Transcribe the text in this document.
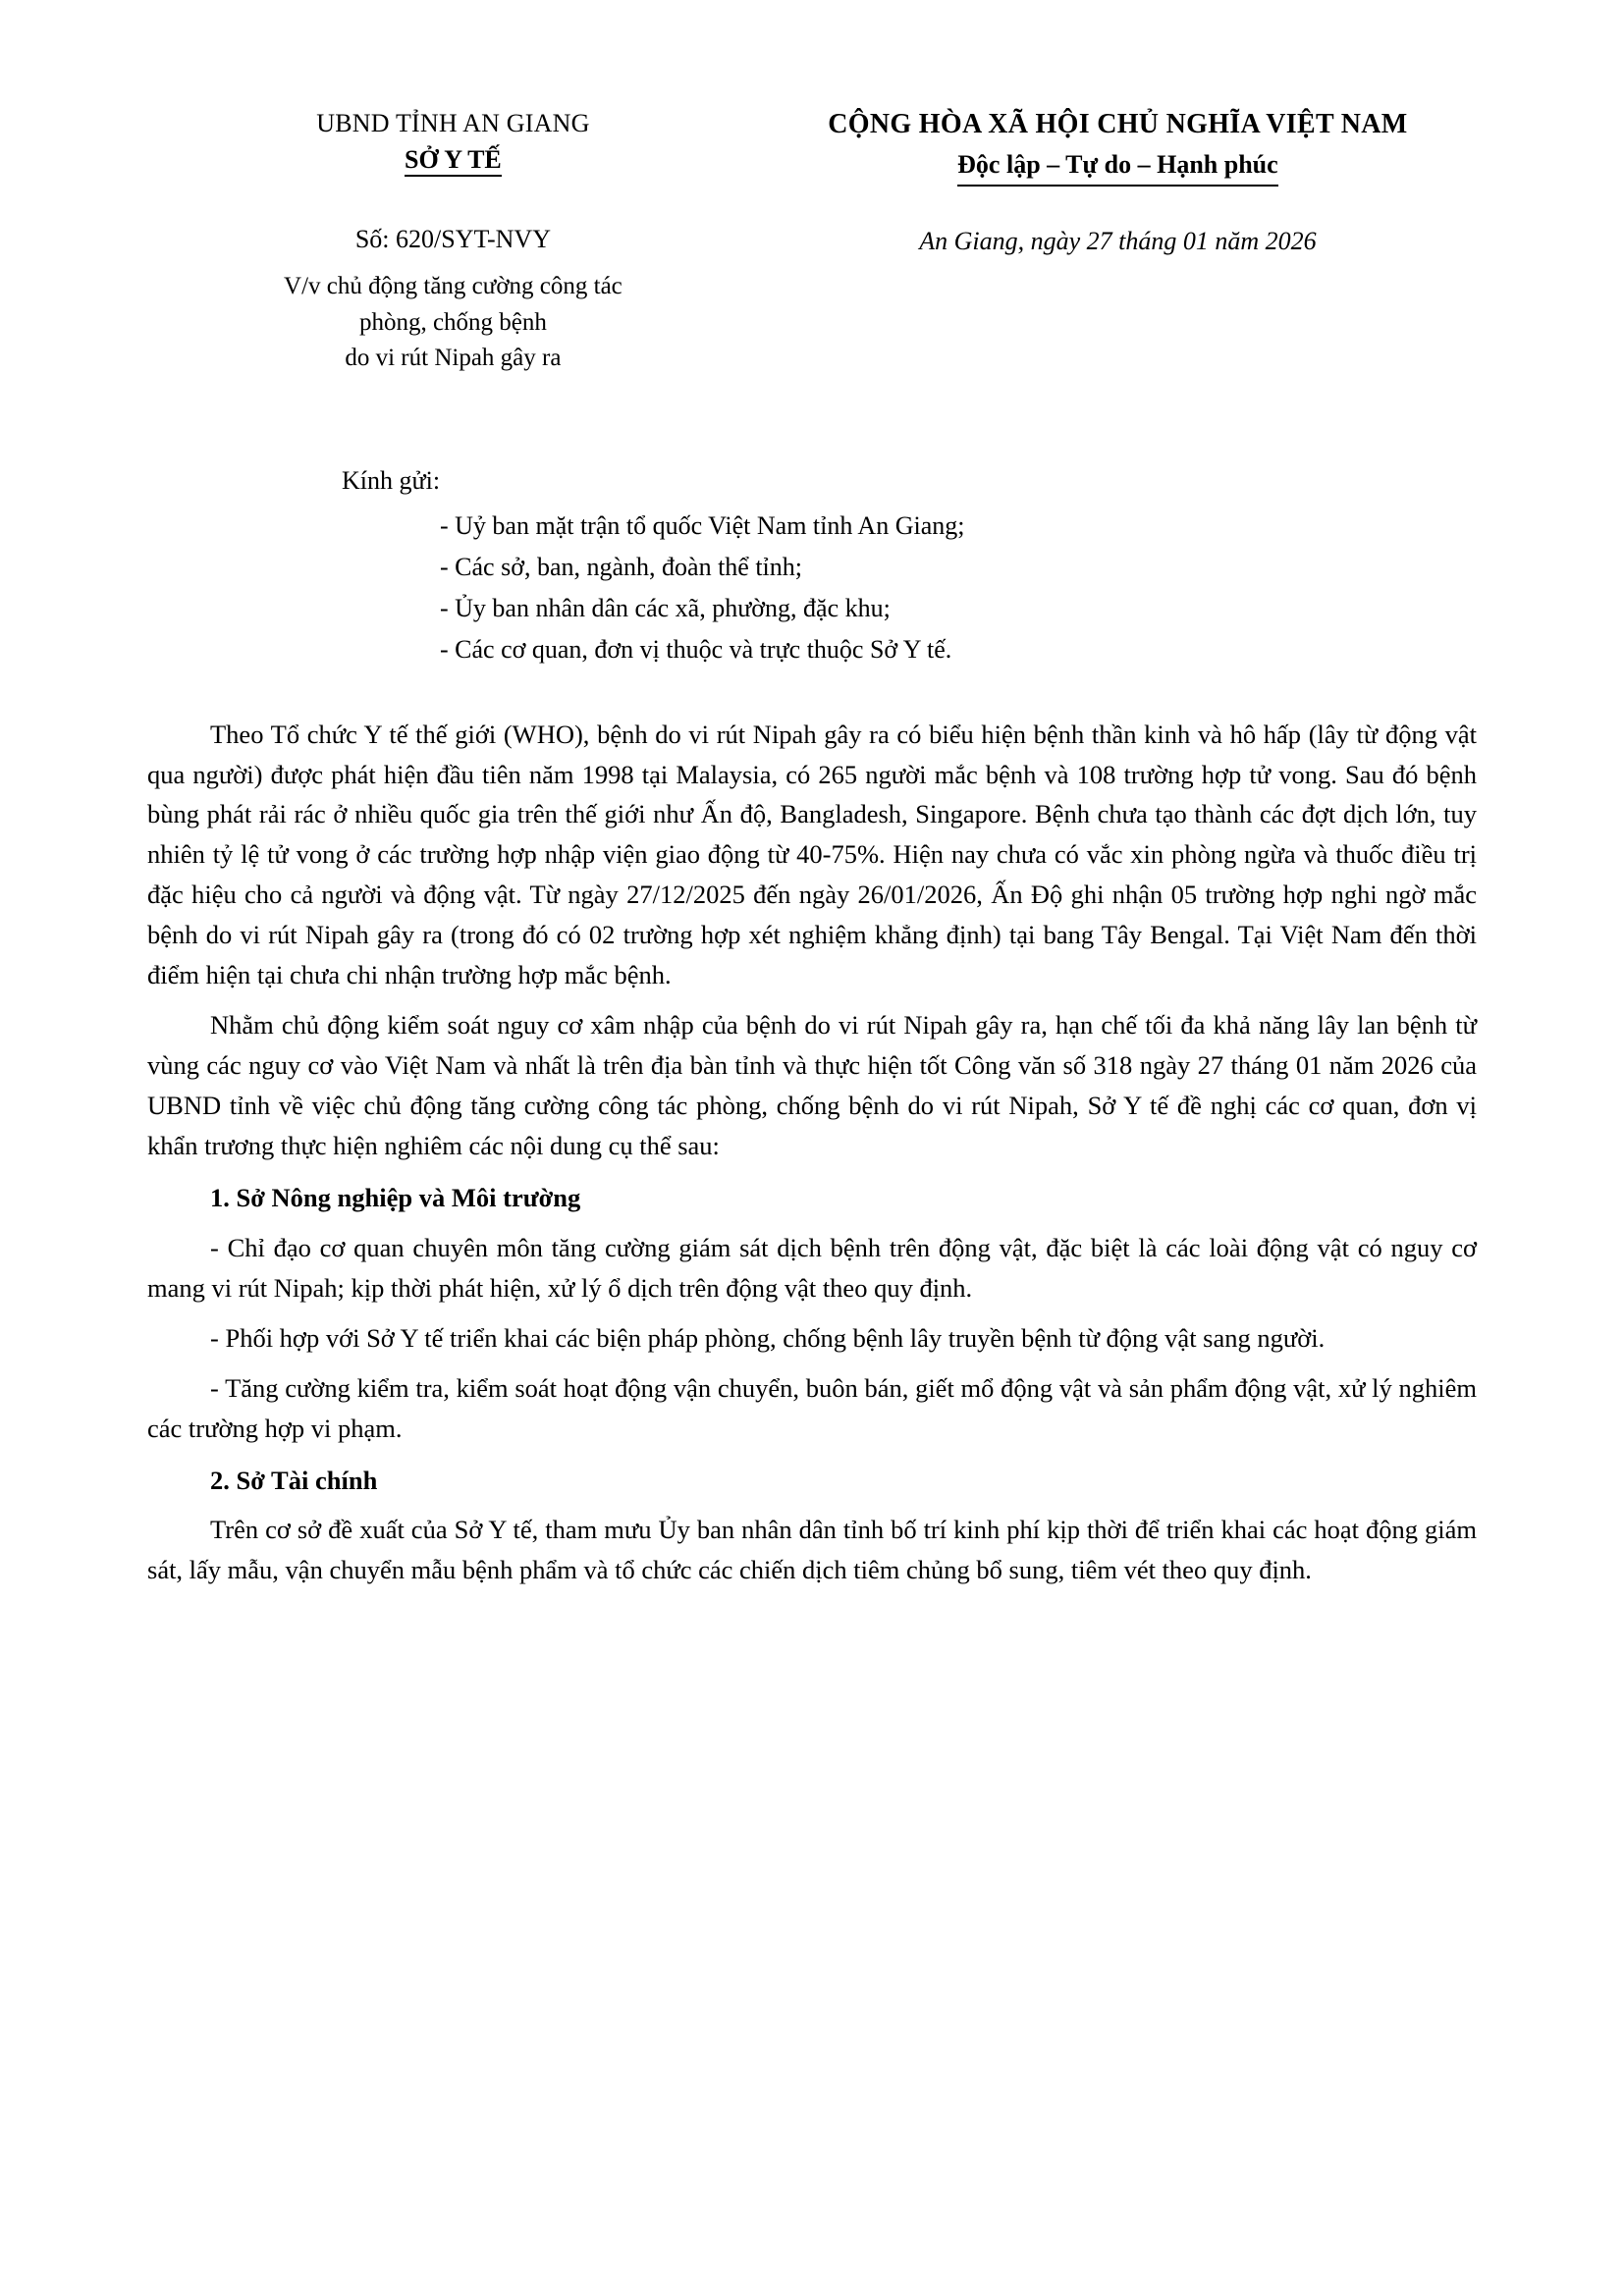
UBND TỈNH AN GIANG
SỞ Y TẾ
CỘNG HÒA XÃ HỘI CHỦ NGHĨA VIỆT NAM
Độc lập – Tự do – Hạnh phúc
Số: 620/SYT-NVY
V/v chủ động tăng cường công tác
phòng, chống bệnh
do vi rút Nipah gây ra
An Giang, ngày 27 tháng 01 năm 2026
Kính gửi:
- Uỷ ban mặt trận tổ quốc Việt Nam tỉnh An Giang;
- Các sở, ban, ngành, đoàn thể tỉnh;
- Ủy ban nhân dân các xã, phường, đặc khu;
- Các cơ quan, đơn vị thuộc và trực thuộc Sở Y tế.

Theo Tổ chức Y tế thế giới (WHO), bệnh do vi rút Nipah gây ra có biểu hiện bệnh thần kinh và hô hấp (lây từ động vật qua người) được phát hiện đầu tiên năm 1998 tại Malaysia, có 265 người mắc bệnh và 108 trường hợp tử vong. Sau đó bệnh bùng phát rải rác ở nhiều quốc gia trên thế giới như Ấn độ, Bangladesh, Singapore. Bệnh chưa tạo thành các đợt dịch lớn, tuy nhiên tỷ lệ tử vong ở các trường hợp nhập viện giao động từ 40-75%. Hiện nay chưa có vắc xin phòng ngừa và thuốc điều trị đặc hiệu cho cả người và động vật. Từ ngày 27/12/2025 đến ngày 26/01/2026, Ấn Độ ghi nhận 05 trường hợp nghi ngờ mắc bệnh do vi rút Nipah gây ra (trong đó có 02 trường hợp xét nghiệm khẳng định) tại bang Tây Bengal. Tại Việt Nam đến thời điểm hiện tại chưa chi nhận trường hợp mắc bệnh.

Nhằm chủ động kiểm soát nguy cơ xâm nhập của bệnh do vi rút Nipah gây ra, hạn chế tối đa khả năng lây lan bệnh từ vùng các nguy cơ vào Việt Nam và nhất là trên địa bàn tỉnh và thực hiện tốt Công văn số 318 ngày 27 tháng 01 năm 2026 của UBND tỉnh về việc chủ động tăng cường công tác phòng, chống bệnh do vi rút Nipah, Sở Y tế đề nghị các cơ quan, đơn vị khẩn trương thực hiện nghiêm các nội dung cụ thể sau:

1. Sở Nông nghiệp và Môi trường

- Chỉ đạo cơ quan chuyên môn tăng cường giám sát dịch bệnh trên động vật, đặc biệt là các loài động vật có nguy cơ mang vi rút Nipah; kịp thời phát hiện, xử lý ổ dịch trên động vật theo quy định.

- Phối hợp với Sở Y tế triển khai các biện pháp phòng, chống bệnh lây truyền bệnh từ động vật sang người.

- Tăng cường kiểm tra, kiểm soát hoạt động vận chuyển, buôn bán, giết mổ động vật và sản phẩm động vật, xử lý nghiêm các trường hợp vi phạm.

2. Sở Tài chính

Trên cơ sở đề xuất của Sở Y tế, tham mưu Ủy ban nhân dân tỉnh bố trí kinh phí kịp thời để triển khai các hoạt động giám sát, lấy mẫu, vận chuyển mẫu bệnh phẩm và tổ chức các chiến dịch tiêm chủng bổ sung, tiêm vét theo quy định.
